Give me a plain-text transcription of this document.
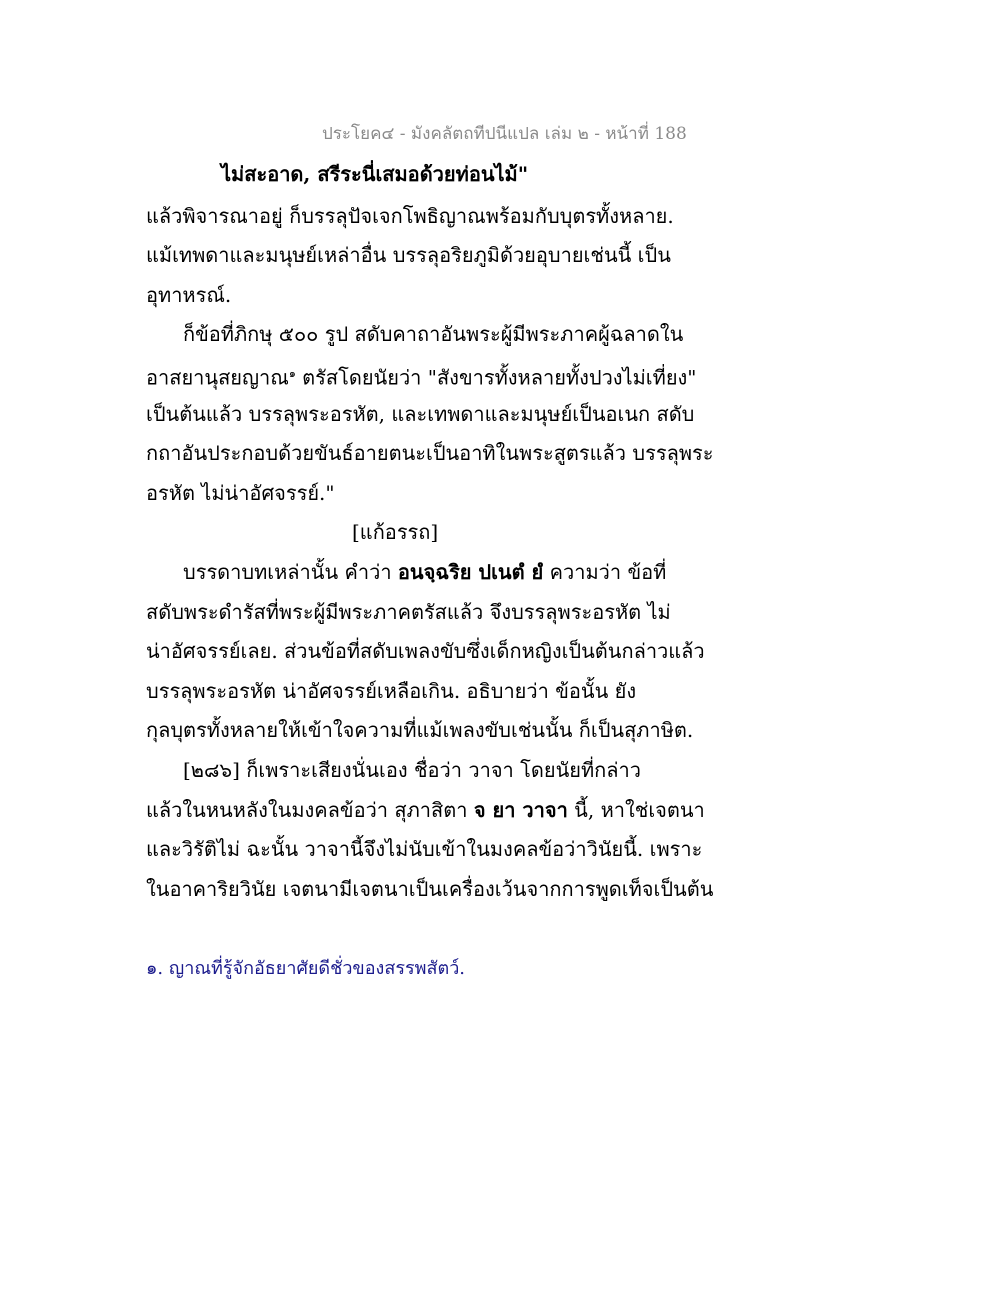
ประโยค๔ - มังคลัตถทีปนีแปล เล่ม ๒ - หน้าที่ 188
ไม่สะอาด, สรีระนี่เสมอด้วยท่อนไม้"
แล้วพิจารณาอยู่ ก็บรรลุปัจเจกโพธิญาณพร้อมกับบุตรทั้งหลาย.
แม้เทพดาและมนุษย์เหล่าอื่น บรรลุอริยภูมิด้วยอุบายเช่นนี้ เป็น
อุทาหรณ์.
ก็ข้อที่ภิกษุ ๕๐๐ รูป สดับคาถาอันพระผู้มีพระภาคผู้ฉลาดใน
อาสยานุสยญาณ$^๑$ ตรัสโดยนัยว่า "สังขารทั้งหลายทั้งปวงไม่เที่ยง"
เป็นต้นแล้ว บรรลุพระอรหัต, และเทพดาและมนุษย์เป็นอเนก สดับ
กถาอันประกอบด้วยขันธ์อายตนะเป็นอาทิในพระสูตรแล้ว บรรลุพระ
อรหัต ไม่น่าอัศจรรย์."
[แก้อรรถ]
บรรดาบทเหล่านั้น คำว่า อนจฺฉริย ปเนตํ ยํ ความว่า ข้อที่
สดับพระดำรัสที่พระผู้มีพระภาคตรัสแล้ว จึงบรรลุพระอรหัต ไม่
น่าอัศจรรย์เลย. ส่วนข้อที่สดับเพลงขับซึ่งเด็กหญิงเป็นต้นกล่าวแล้ว
บรรลุพระอรหัต น่าอัศจรรย์เหลือเกิน. อธิบายว่า ข้อนั้น ยัง
กุลบุตรทั้งหลายให้เข้าใจความที่แม้เพลงขับเช่นนั้น ก็เป็นสุภาษิต.
[๒๘๖] ก็เพราะเสียงนั่นเอง ชื่อว่า วาจา โดยนัยที่กล่าว
แล้วในหนหลังในมงคลข้อว่า สุภาสิตา จ ยา วาจา นี้, หาใช่เจตนา
และวิรัติไม่ ฉะนั้น วาจานี้จึงไม่นับเข้าในมงคลข้อว่าวินัยนี้. เพราะ
ในอาคาริยวินัย เจตนามีเจตนาเป็นเครื่องเว้นจากการพูดเท็จเป็นต้น
๑. ญาณที่รู้จักอัธยาศัยดีชั่วของสรรพสัตว์.
